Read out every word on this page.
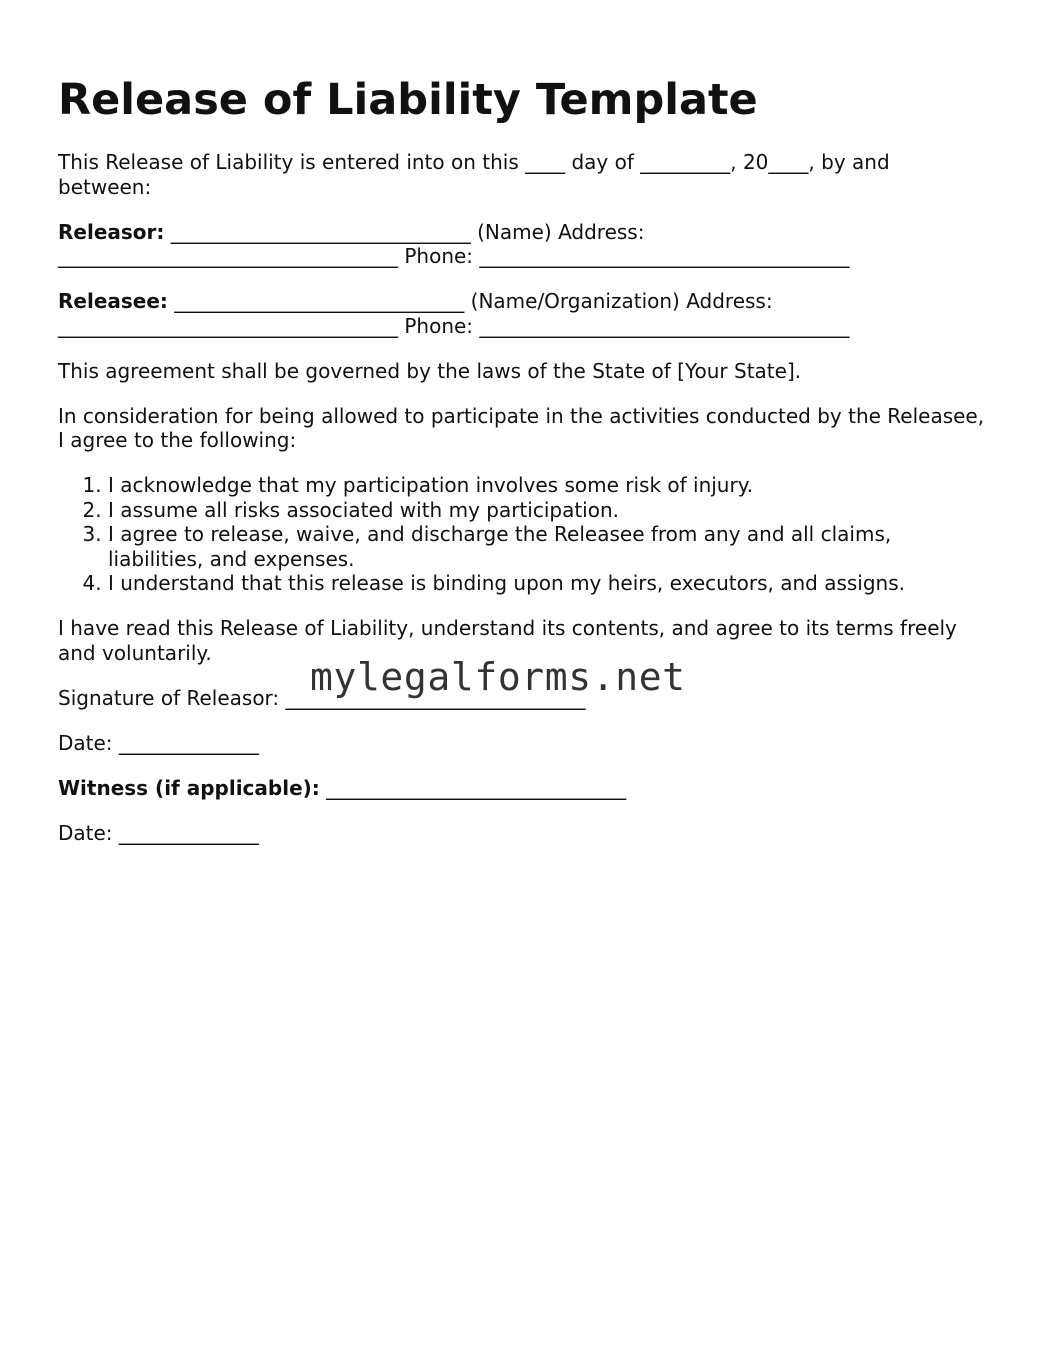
Release of Liability Template

This Release of Liability is entered into on this ____ day of _________, 20____, by and between:

Releasor: ______________________________ (Name) Address:
__________________________________ Phone: _____________________________________

Releasee: _____________________________ (Name/Organization) Address:
__________________________________ Phone: _____________________________________

This agreement shall be governed by the laws of the State of [Your State].

In consideration for being allowed to participate in the activities conducted by the Releasee, I agree to the following:

1. I acknowledge that my participation involves some risk of injury.
2. I assume all risks associated with my participation.
3. I agree to release, waive, and discharge the Releasee from any and all claims, liabilities, and expenses.
4. I understand that this release is binding upon my heirs, executors, and assigns.

I have read this Release of Liability, understand its contents, and agree to its terms freely and voluntarily.

Signature of Releasor: ______________________________
mylegalforms.net

Date: ______________

Witness (if applicable): ______________________________

Date: ______________
